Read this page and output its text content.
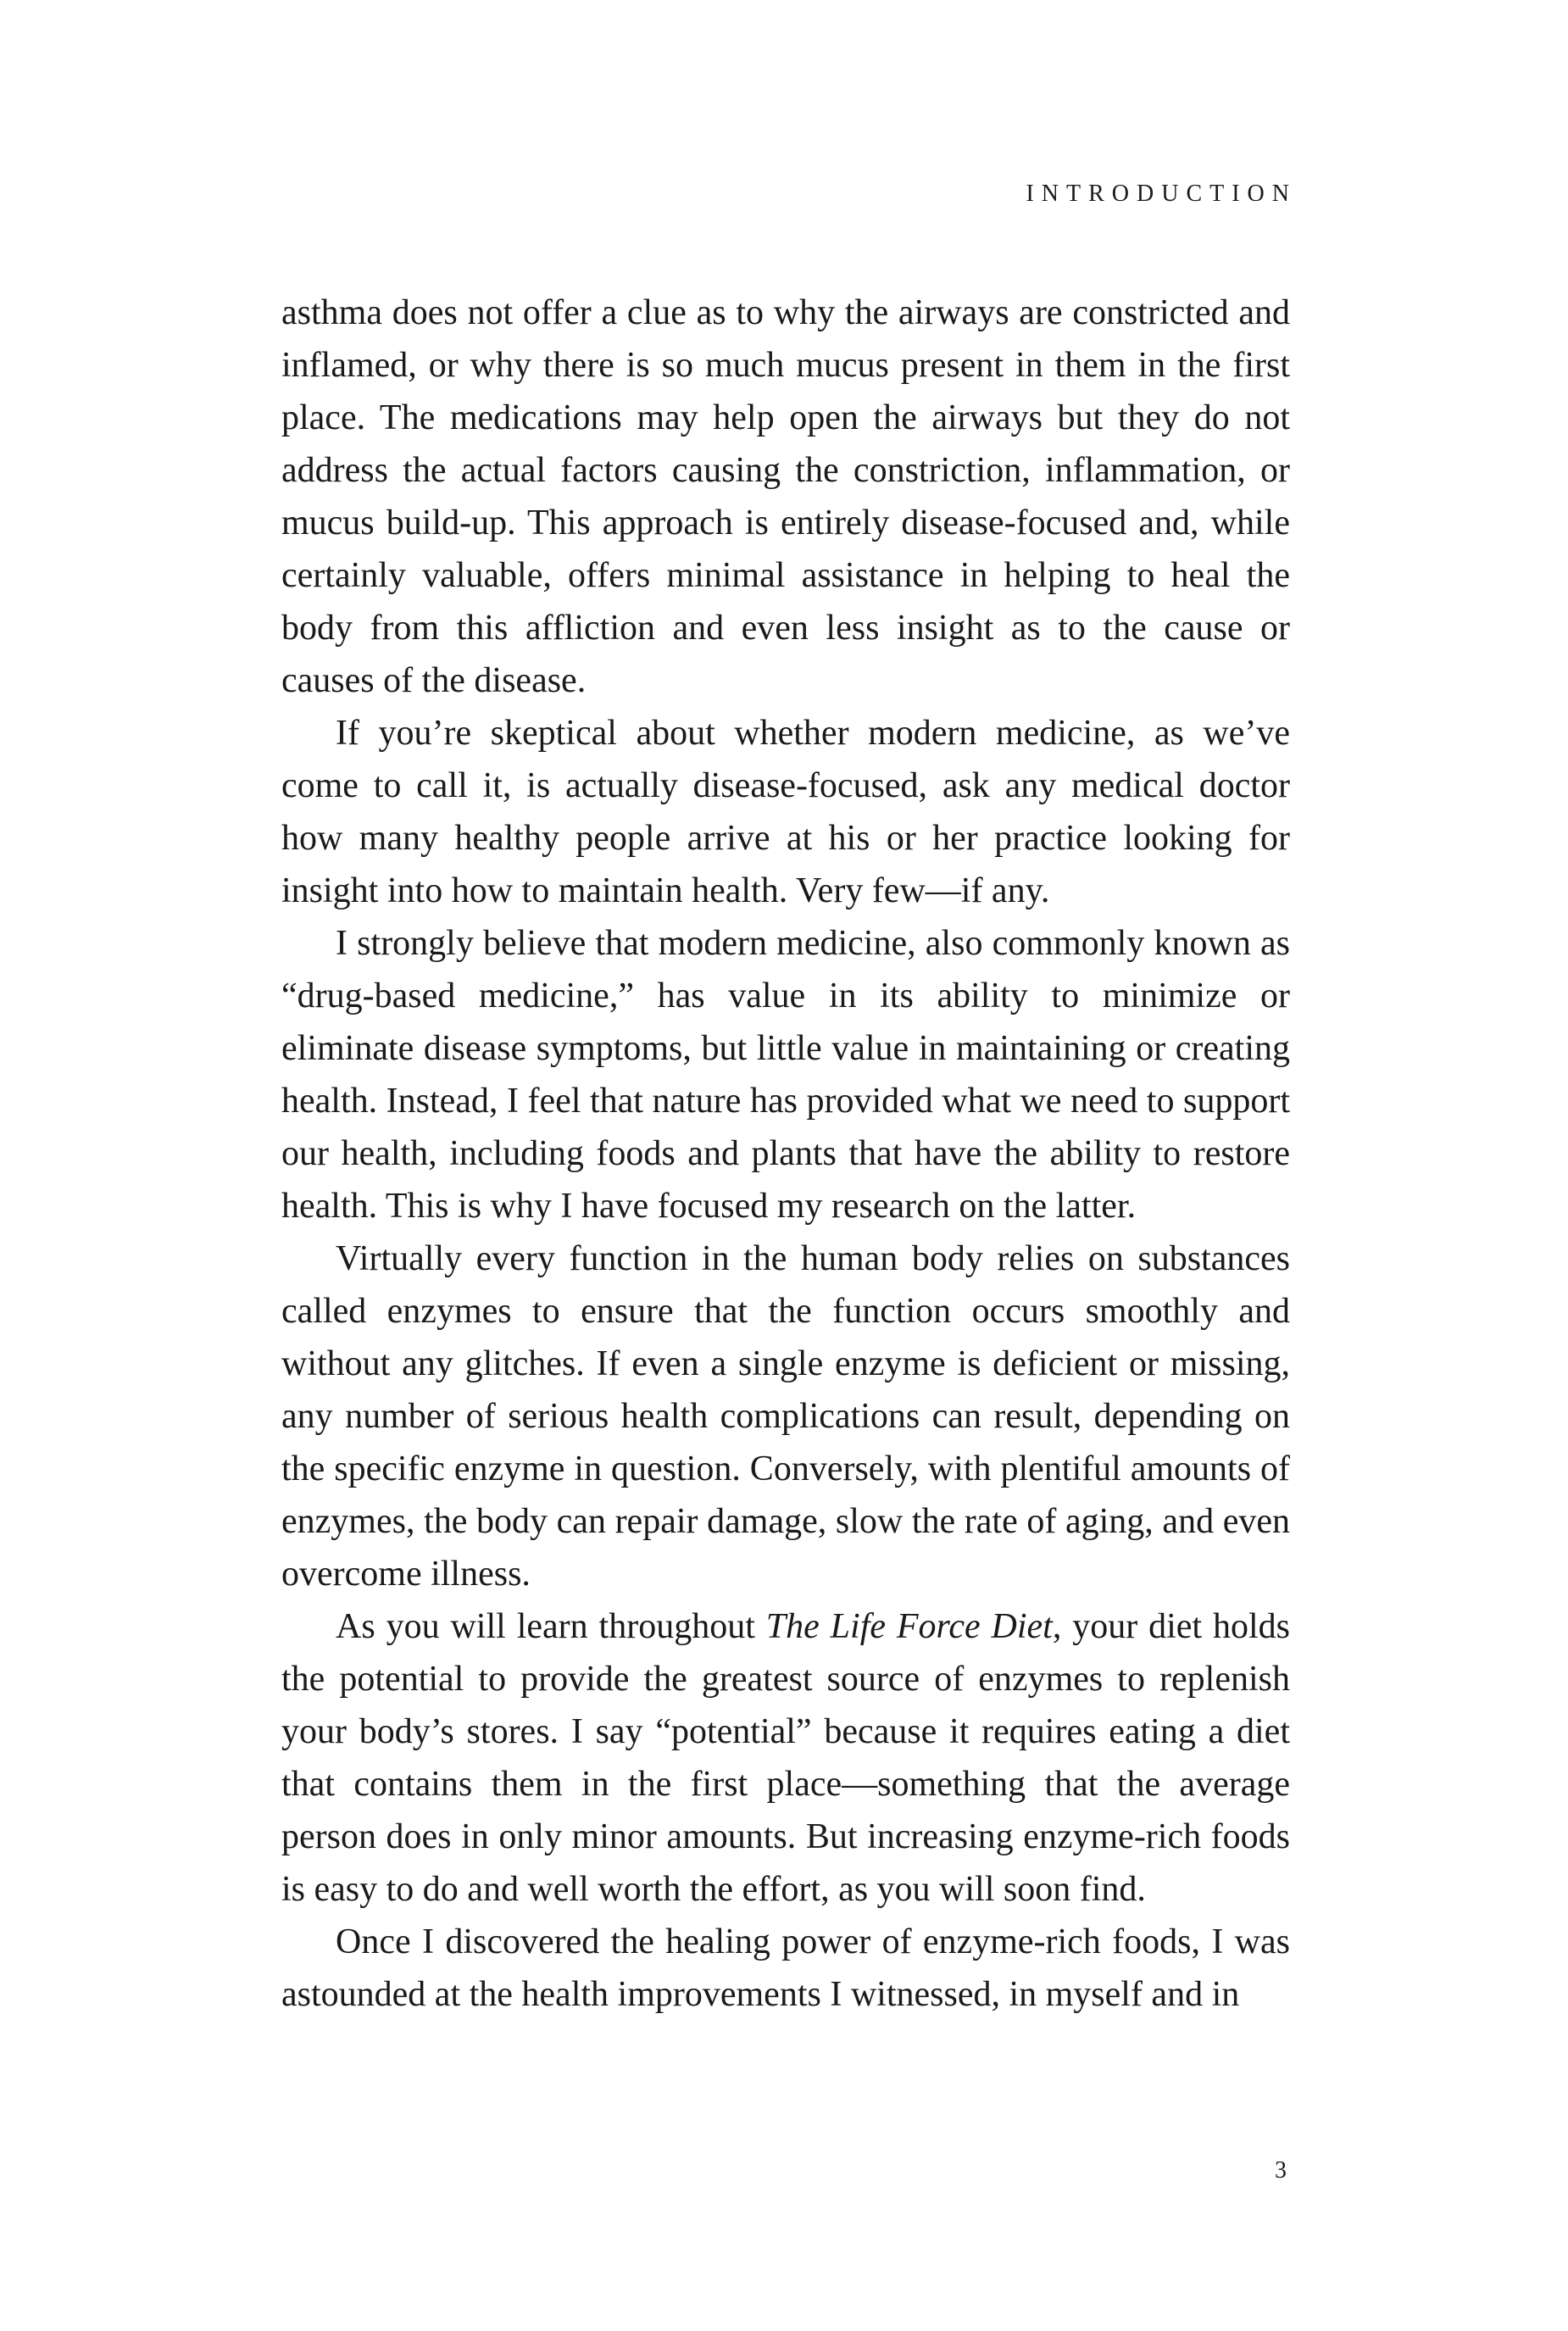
INTRODUCTION

asthma does not offer a clue as to why the airways are constricted and inflamed, or why there is so much mucus present in them in the first place. The medications may help open the airways but they do not address the actual factors causing the constriction, inflammation, or mucus build-up. This approach is entirely disease-focused and, while certainly valuable, offers minimal assistance in helping to heal the body from this affliction and even less insight as to the cause or causes of the disease.

If you’re skeptical about whether modern medicine, as we’ve come to call it, is actually disease-focused, ask any medical doctor how many healthy people arrive at his or her practice looking for insight into how to maintain health. Very few—if any.

I strongly believe that modern medicine, also commonly known as “drug-based medicine,” has value in its ability to minimize or eliminate disease symptoms, but little value in maintaining or creating health. Instead, I feel that nature has provided what we need to support our health, including foods and plants that have the ability to restore health. This is why I have focused my research on the latter.

Virtually every function in the human body relies on substances called enzymes to ensure that the function occurs smoothly and without any glitches. If even a single enzyme is deficient or missing, any number of serious health complications can result, depending on the specific enzyme in question. Conversely, with plentiful amounts of enzymes, the body can repair damage, slow the rate of aging, and even overcome illness.

As you will learn throughout The Life Force Diet, your diet holds the potential to provide the greatest source of enzymes to replenish your body’s stores. I say “potential” because it requires eating a diet that contains them in the first place—something that the average person does in only minor amounts. But increasing enzyme-rich foods is easy to do and well worth the effort, as you will soon find.

Once I discovered the healing power of enzyme-rich foods, I was astounded at the health improvements I witnessed, in myself and in

3
